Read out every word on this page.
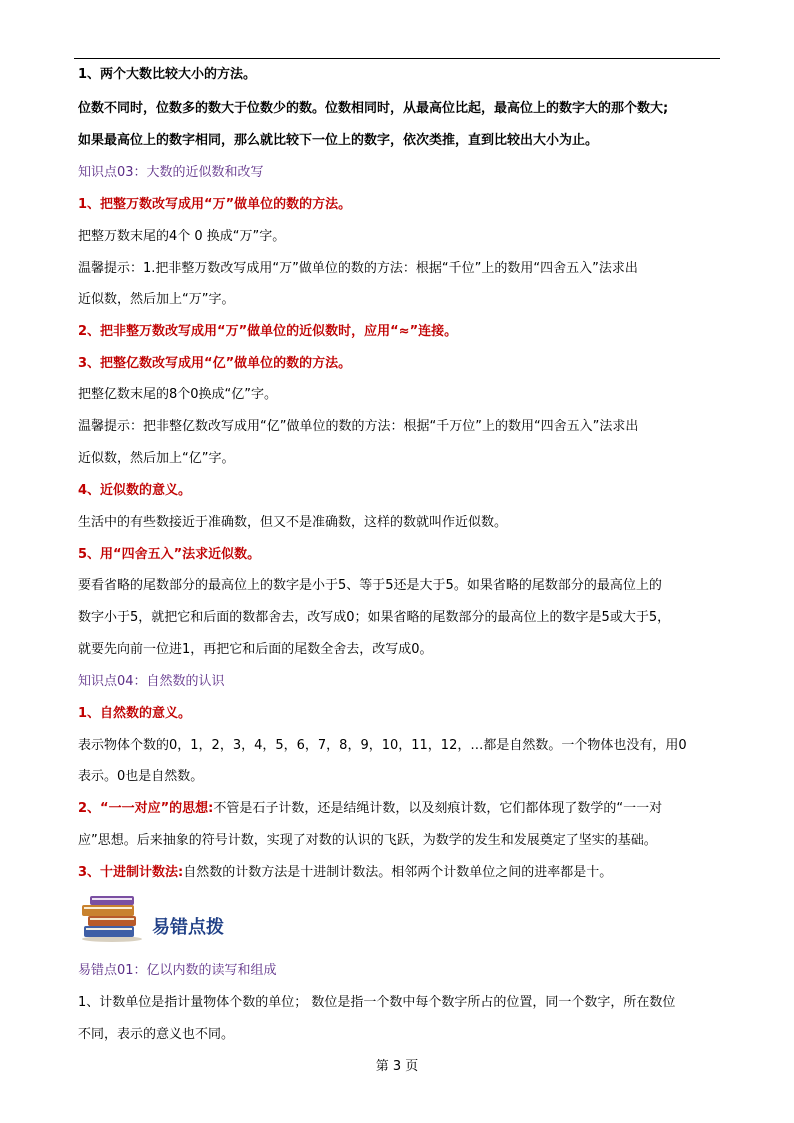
1、两个大数比较大小的方法。
位数不同时，位数多的数大于位数少的数。位数相同时，从最高位比起，最高位上的数字大的那个数大;
如果最高位上的数字相同，那么就比较下一位上的数字，依次类推，直到比较出大小为止。
知识点03：大数的近似数和改写
1、把整万数改写成用“万”做单位的数的方法。
把整万数末尾的4个 0 换成“万”字。
温馨提示：1.把非整万数改写成用“万”做单位的数的方法：根据“千位”上的数用“四舍五入”法求出
近似数，然后加上“万”字。
2、把非整万数改写成用“万”做单位的近似数时，应用“≈”连接。
3、把整亿数改写成用“亿”做单位的数的方法。
把整亿数末尾的8个0换成“亿”字。
温馨提示：把非整亿数改写成用“亿”做单位的数的方法：根据“千万位”上的数用“四舍五入”法求出
近似数，然后加上“亿”字。
4、近似数的意义。
生活中的有些数接近于准确数，但又不是准确数，这样的数就叫作近似数。
5、用“四舍五入”法求近似数。
要看省略的尾数部分的最高位上的数字是小于5、等于5还是大于5。如果省略的尾数部分的最高位上的
数字小于5，就把它和后面的数都舍去，改写成0；如果省略的尾数部分的最高位上的数字是5或大于5，
就要先向前一位进1，再把它和后面的尾数全舍去，改写成0。
知识点04：自然数的认识
1、自然数的意义。
表示物体个数的0，1，2，3，4，5，6，7，8，9，10，11，12，…都是自然数。一个物体也没有，用0
表示。0也是自然数。
2、“一一对应”的思想:不管是石子计数，还是结绳计数，以及刻痕计数，它们都体现了数学的“一一对
应”思想。后来抽象的符号计数，实现了对数的认识的飞跃，为数学的发生和发展奠定了坚实的基础。
3、十进制计数法:自然数的计数方法是十进制计数法。相邻两个计数单位之间的进率都是十。
易错点拨
易错点01：亿以内数的读写和组成
1、计数单位是指计量物体个数的单位； 数位是指一个数中每个数字所占的位置，同一个数字，所在数位
不同，表示的意义也不同。
第 3 页
